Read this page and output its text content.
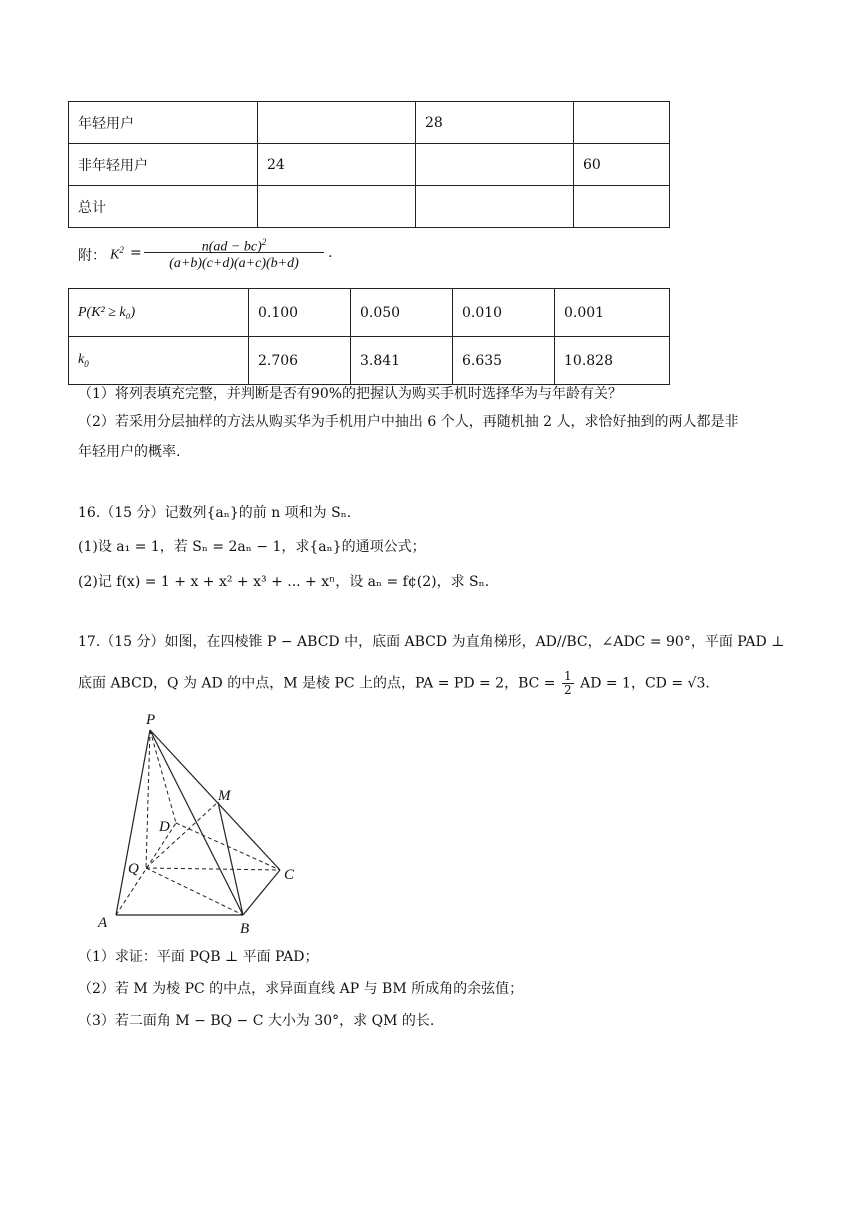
年轻用户		28	
非年轻用户	24		60
总计			
附： $K^2$ =	n(ad − bc)$^2$
(a+b)(c+d)(a+c)(b+d)
.
P(K² ≥ k₀)	0.100	0.050	0.010	0.001
$k_0$	2.706	3.841	6.635	10.828
（1）将列表填充完整，并判断是否有90%的把握认为购买手机时选择华为与年龄有关？
（2）若采用分层抽样的方法从购买华为手机用户中抽出 6 个人，再随机抽 2 人，求恰好抽到的两人都是非
年轻用户的概率.
16.（15 分）记数列{aₙ}的前 n 项和为 Sₙ.
(1)设 a₁ = 1，若 Sₙ = 2aₙ − 1，求{aₙ}的通项公式；
(2)记 f(x) = 1 + x + x² + x³ + ... + xⁿ，设 aₙ = f¢(2)，求 Sₙ.
17.（15 分）如图，在四棱锥 P − ABCD 中，底面 ABCD 为直角梯形，AD//BC，∠ADC = 90°，平面 PAD ⊥
底面 ABCD，Q 为 AD 的中点，M 是棱 PC 上的点，PA = PD = 2，BC = $\frac{1}{2}$ AD = 1，CD = √3.
P
M
D
Q	C
A	B
（1）求证：平面 PQB ⊥ 平面 PAD；
（2）若 M 为棱 PC 的中点，求异面直线 AP 与 BM 所成角的余弦值；
（3）若二面角 M − BQ − C 大小为 30°，求 QM 的长.
